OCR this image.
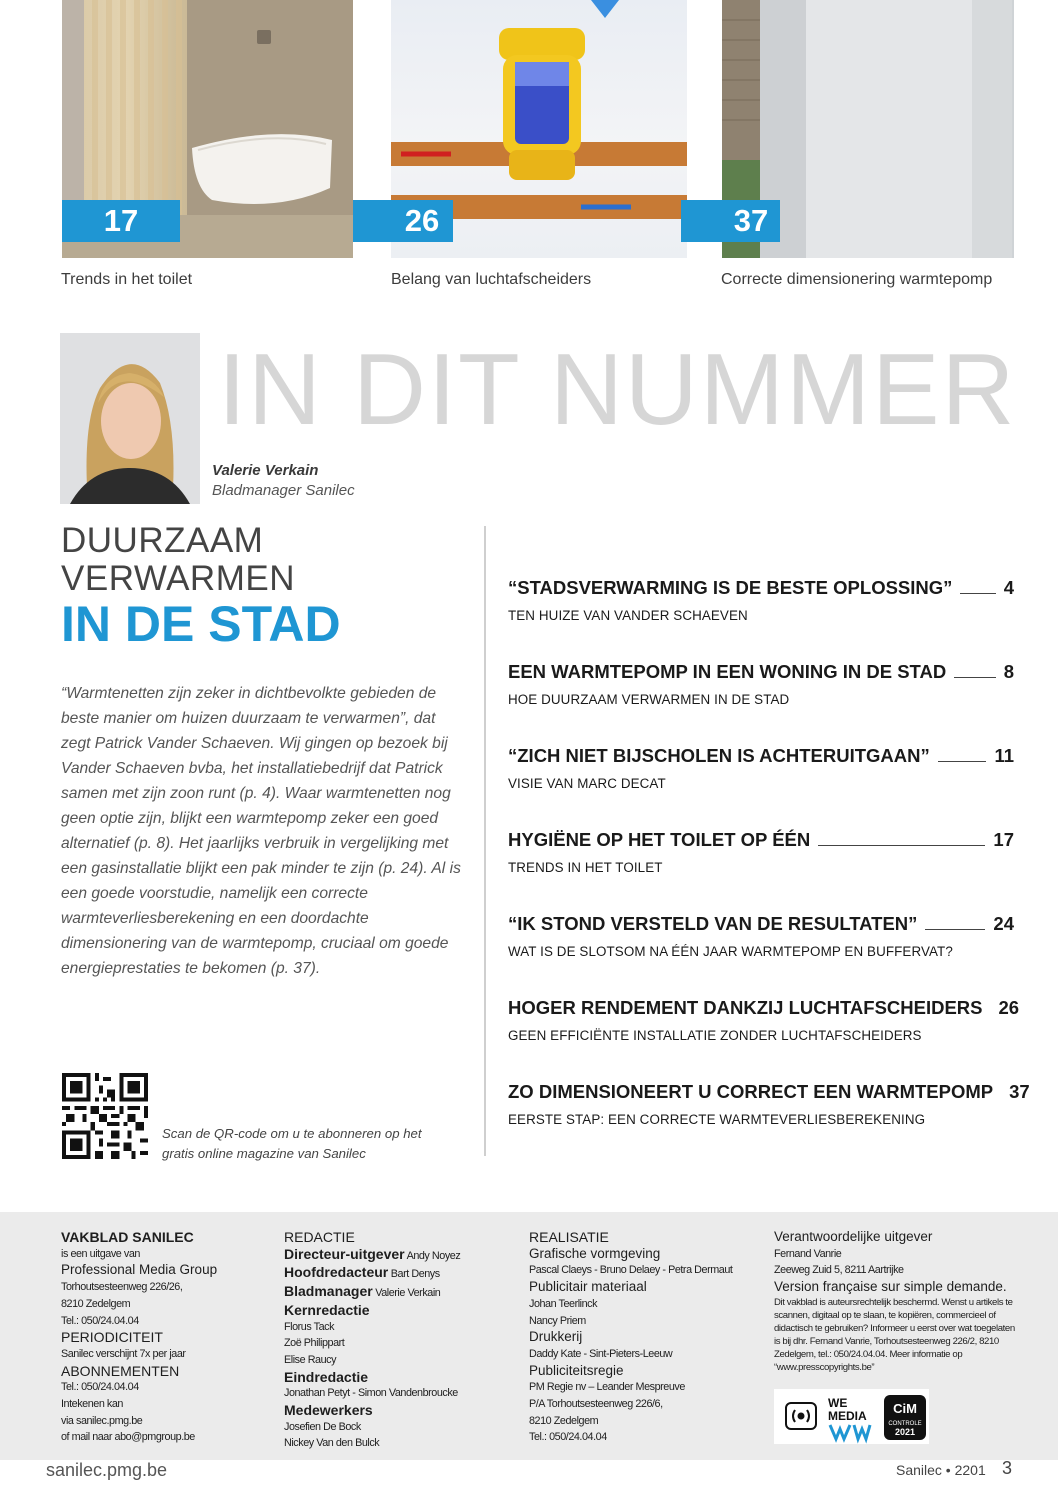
17
Trends in het toilet
26
Belang van luchtafscheiders
37
Correcte dimensionering warmtepomp
IN DIT NUMMER
Valerie Verkain
Bladmanager Sanilec
DUURZAAM
VERWARMEN
IN DE STAD

“Warmtenetten zijn zeker in dichtbevolkte gebieden de beste manier om huizen duurzaam te verwarmen”, dat zegt Patrick Vander Schaeven. Wij gingen op bezoek bij Vander Schaeven bvba, het installatiebedrijf dat Patrick samen met zijn zoon runt (p. 4). Waar warmtenetten nog geen optie zijn, blijkt een warmtepomp zeker een goed alternatief (p. 8). Het jaarlijks verbruik in vergelijking met een gasinstallatie blijkt een pak minder te zijn (p. 24). Al is een goede voorstudie, namelijk een correcte warmteverliesberekening en een doordachte dimensionering van de warmtepomp, cruciaal om goede energieprestaties te bekomen (p. 37).

“STADSVERWARMING IS DE BESTE OPLOSSING”	4
TEN HUIZE VAN VANDER SCHAEVEN
EEN WARMTEPOMP IN EEN WONING IN DE STAD	8
HOE DUURZAAM VERWARMEN IN DE STAD
“ZICH NIET BIJSCHOLEN IS ACHTERUITGAAN”	11
VISIE VAN MARC DECAT
HYGIËNE OP HET TOILET OP ÉÉN	17
TRENDS IN HET TOILET
“IK STOND VERSTELD VAN DE RESULTATEN”	24
WAT IS DE SLOTSOM NA ÉÉN JAAR WARMTEPOMP EN BUFFERVAT?
HOGER RENDEMENT DANKZIJ LUCHTAFSCHEIDERS 26
GEEN EFFICIËNTE INSTALLATIE ZONDER LUCHTAFSCHEIDERS
ZO DIMENSIONEERT U CORRECT EEN WARMTEPOMP 37
EERSTE STAP: EEN CORRECTE WARMTEVERLIESBEREKENING

Scan de QR-code om u te abonneren op het gratis online magazine van Sanilec

VAKBLAD SANILEC
is een uitgave van
Professional Media Group
Torhoutsesteenweg 226/26,
8210 Zedelgem
Tel.: 050/24.04.04
PERIODICITEIT
Sanilec verschijnt 7x per jaar
ABONNEMENTEN
Tel.: 050/24.04.04
Intekenen kan
via sanilec.pmg.be
of mail naar abo@pmgroup.be
REDACTIE
Directeur-uitgever Andy Noyez
Hoofdredacteur Bart Denys
Bladmanager Valerie Verkain
Kernredactie
Florus Tack
Zoë Philippart
Elise Raucy
Eindredactie
Jonathan Petyt - Simon Vandenbroucke
Medewerkers
Josefien De Bock
Nickey Van den Bulck
REALISATIE
Grafische vormgeving
Pascal Claeys - Bruno Delaey - Petra Dermaut
Publicitair materiaal
Johan Teerlinck
Nancy Priem
Drukkerij
Daddy Kate - Sint-Pieters-Leeuw
Publiciteitsregie
PM Regie nv – Leander Mespreuve
P/A Torhoutsesteenweg 226/6,
8210 Zedelgem
Tel.: 050/24.04.04
Verantwoordelijke uitgever
Fernand Vanrie
Zeeweg Zuid 5, 8211 Aartrijke
Version française sur simple demande.
Dit vakblad is auteursrechtelijk beschermd. Wenst u artikels te scannen, digitaal op te slaan, te kopiëren, commercieel of didactisch te gebruiken? Informeer u eerst over wat toegelaten is bij dhr. Fernand Vanrie, Torhoutsesteenweg 226/2, 8210 Zedelgem, tel.: 050/24.04.04. Meer informatie op “www.presscopyrights.be”
WE
MEDIA CiM
CONTROLE
2021
sanilec.pmg.be	Sanilec • 2201 3
